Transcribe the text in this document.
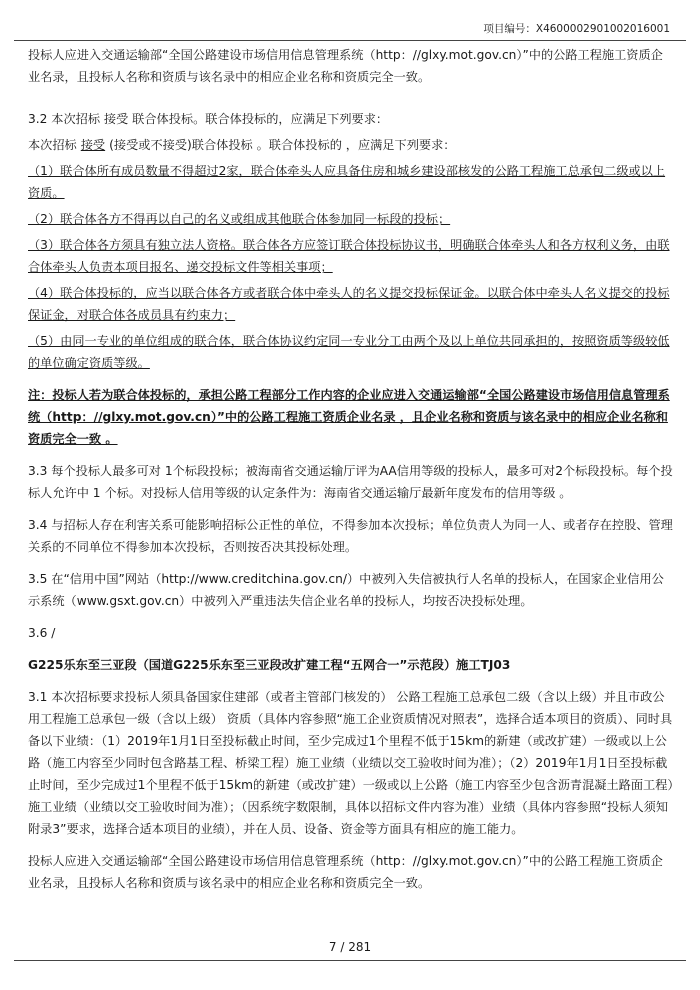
项目编号：X4600002901002016001

投标人应进入交通运输部“全国公路建设市场信用信息管理系统（http：//glxy.mot.gov.cn）”中的公路工程施工资质企业名录，且投标人名称和资质与该名录中的相应企业名称和资质完全一致。

3.2 本次招标 接受 联合体投标。联合体投标的，应满足下列要求：

本次招标 接受 (接受或不接受)联合体投标 。联合体投标的 ，应满足下列要求：

（1）联合体所有成员数量不得超过2家，联合体牵头人应具备住房和城乡建设部核发的公路工程施工总承包二级或以上资质。

（2）联合体各方不得再以自己的名义或组成其他联合体参加同一标段的投标；

（3）联合体各方须具有独立法人资格。联合体各方应签订联合体投标协议书，明确联合体牵头人和各方权利义务，由联合体牵头人负责本项目报名、递交投标文件等相关事项；

（4）联合体投标的，应当以联合体各方或者联合体中牵头人的名义提交投标保证金。以联合体中牵头人名义提交的投标保证金，对联合体各成员具有约束力；

（5）由同一专业的单位组成的联合体，联合体协议约定同一专业分工由两个及以上单位共同承担的，按照资质等级较低的单位确定资质等级。

注：投标人若为联合体投标的，承担公路工程部分工作内容的企业应进入交通运输部“全国公路建设市场信用信息管理系统（http：//glxy.mot.gov.cn）”中的公路工程施工资质企业名录 ，且企业名称和资质与该名录中的相应企业名称和资质完全一致 。

3.3 每个投标人最多可对 1个标段投标；被海南省交通运输厅评为AA信用等级的投标人，最多可对2个标段投标。每个投标人允许中 1 个标。对投标人信用等级的认定条件为：海南省交通运输厅最新年度发布的信用等级 。

3.4 与招标人存在利害关系可能影响招标公正性的单位，不得参加本次投标；单位负责人为同一人、或者存在控股、管理关系的不同单位不得参加本次投标，否则按否决其投标处理。

3.5 在“信用中国”网站（http://www.creditchina.gov.cn/）中被列入失信被执行人名单的投标人，在国家企业信用公示系统（www.gsxt.gov.cn）中被列入严重违法失信企业名单的投标人，均按否决投标处理。

3.6 /

G225乐东至三亚段（国道G225乐东至三亚段改扩建工程“五网合一”示范段）施工TJ03

3.1 本次招标要求投标人须具备国家住建部（或者主管部门核发的） 公路工程施工总承包二级（含以上级）并且市政公用工程施工总承包一级（含以上级） 资质（具体内容参照“施工企业资质情况对照表”，选择合适本项目的资质）、同时具备以下业绩：（1）2019年1月1日至投标截止时间，至少完成过1个里程不低于15km的新建（或改扩建）一级或以上公路（施工内容至少同时包含路基工程、桥梁工程）施工业绩（业绩以交工验收时间为准）；（2）2019年1月1日至投标截止时间，至少完成过1个里程不低于15km的新建（或改扩建）一级或以上公路（施工内容至少包含沥青混凝土路面工程）施工业绩（业绩以交工验收时间为准）；（因系统字数限制，具体以招标文件内容为准）业绩（具体内容参照“投标人须知附录3”要求，选择合适本项目的业绩），并在人员、设备、资金等方面具有相应的施工能力。

投标人应进入交通运输部“全国公路建设市场信用信息管理系统（http：//glxy.mot.gov.cn）”中的公路工程施工资质企业名录，且投标人名称和资质与该名录中的相应企业名称和资质完全一致。

7 / 281
